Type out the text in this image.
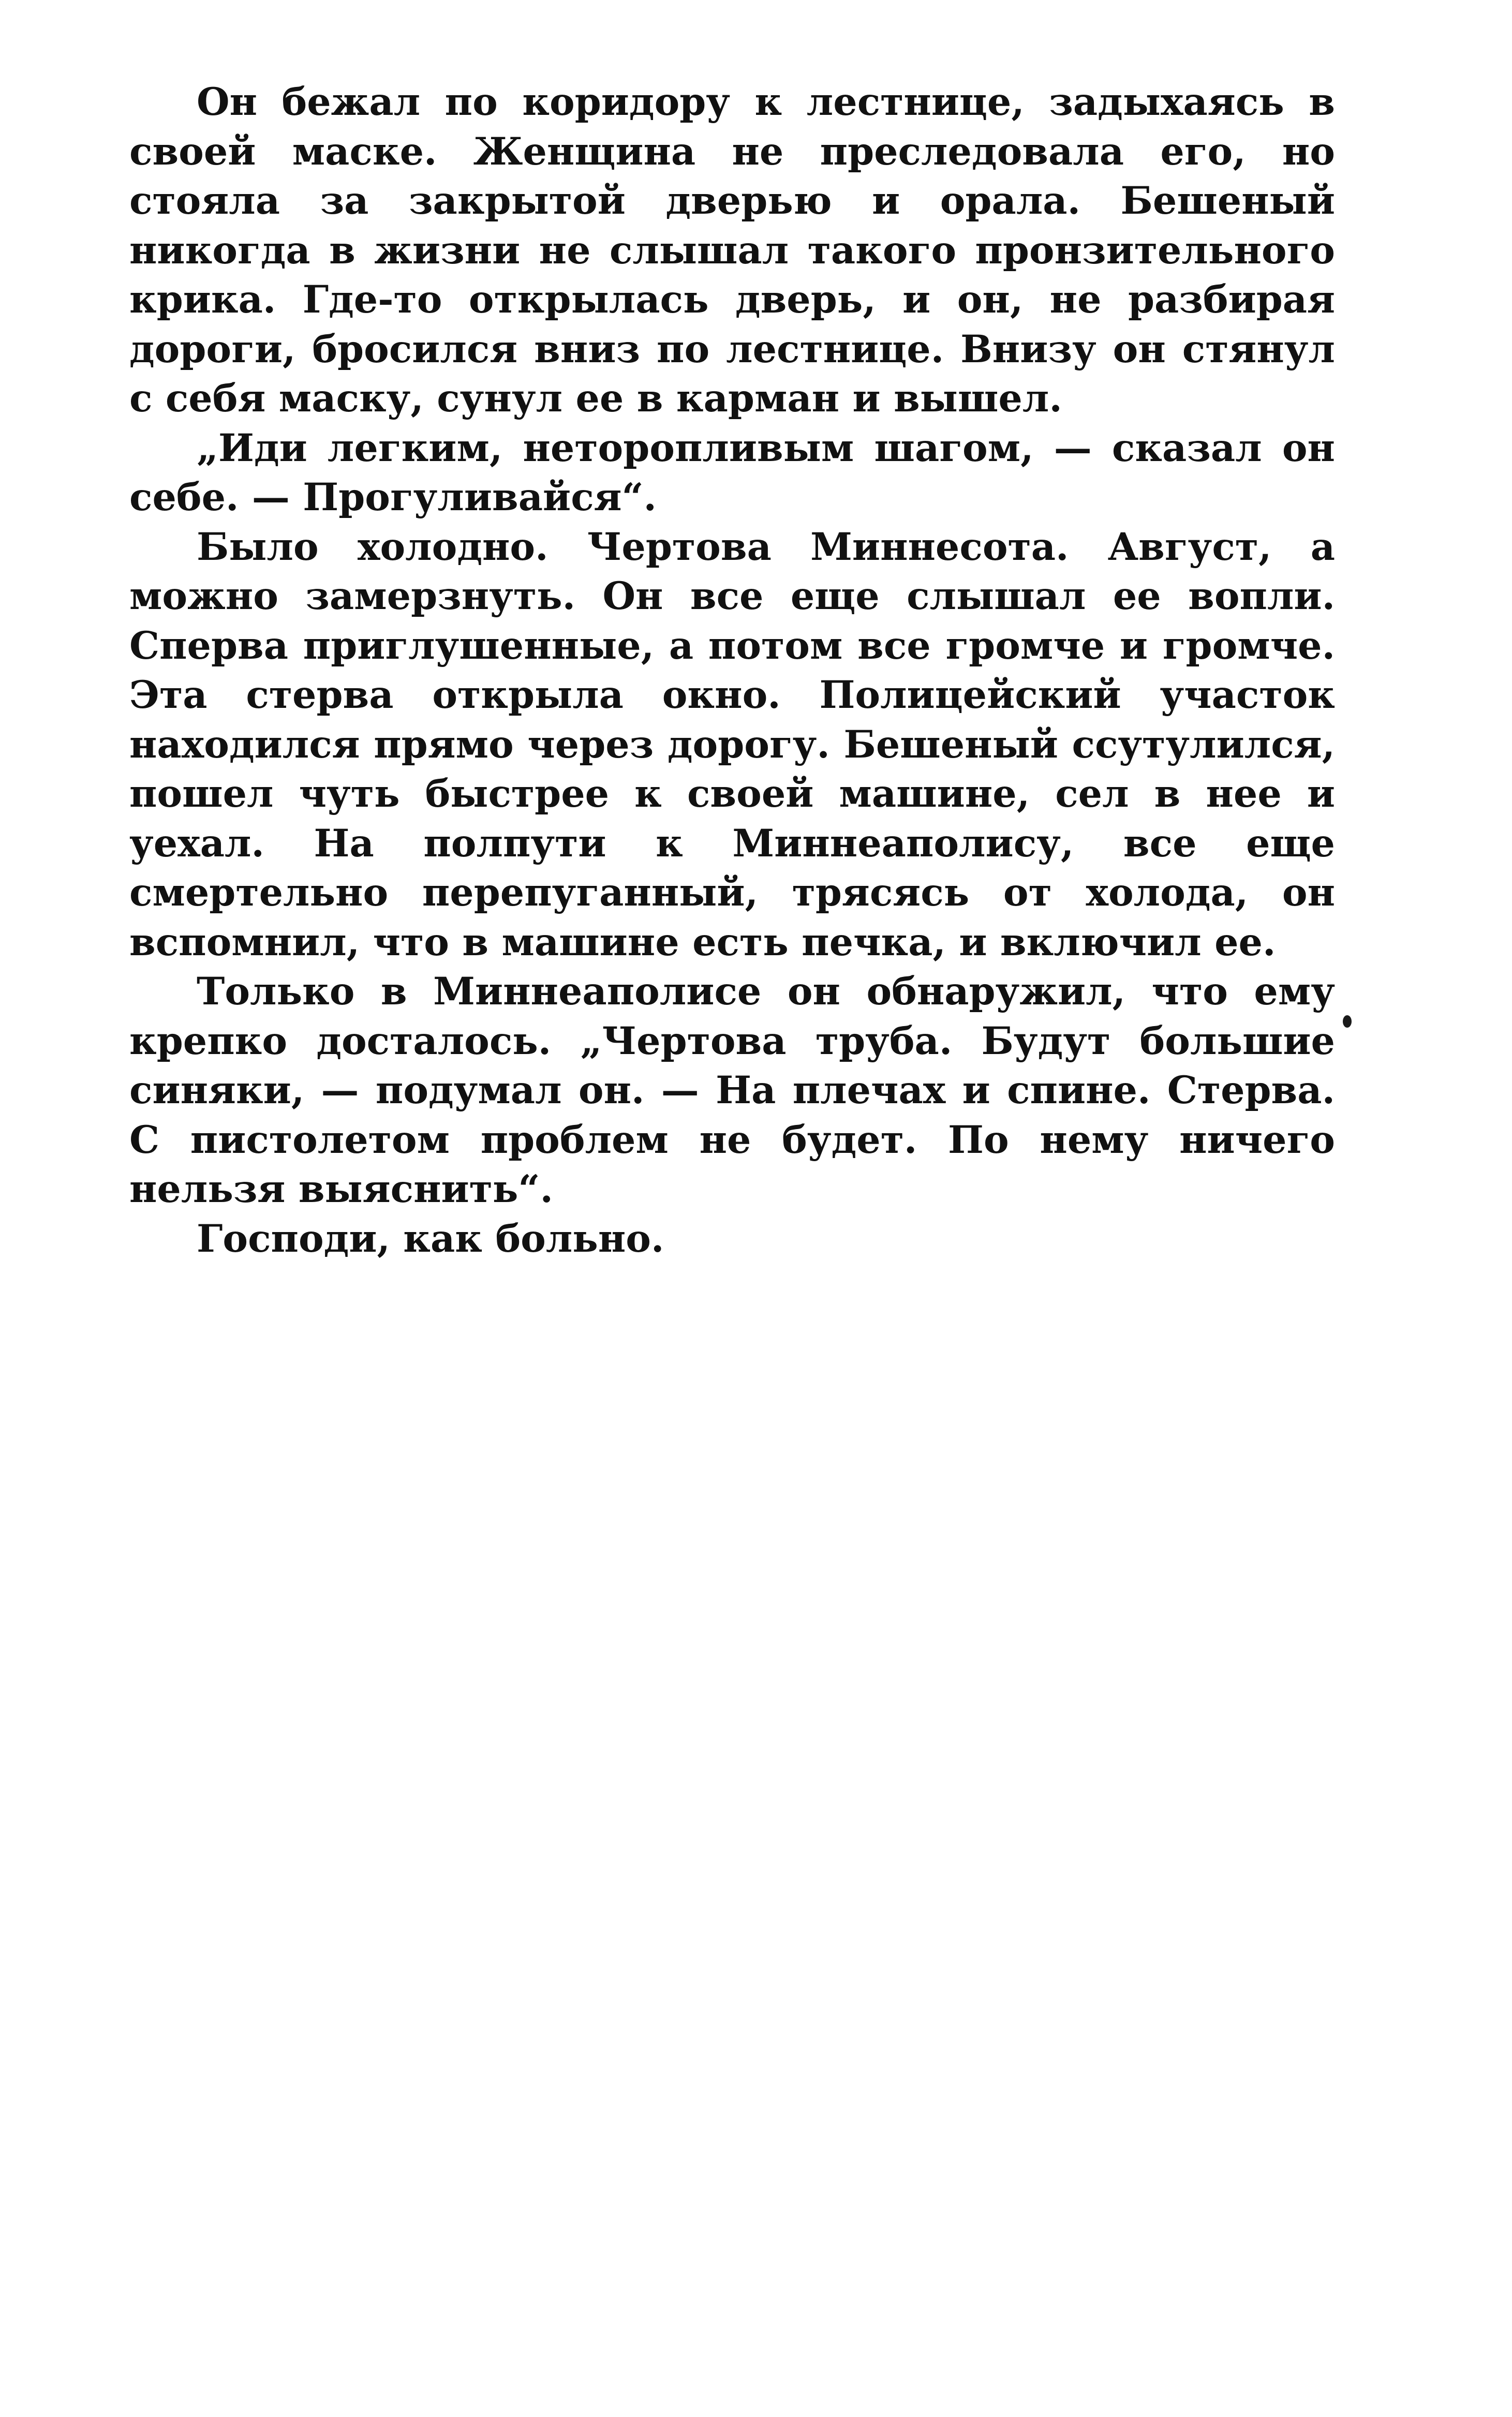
Он бежал по коридору к лестнице, задыхаясь в своей маске. Женщина не преследовала его, но стояла за закрытой дверью и орала. Бешеный никогда в жизни не слышал такого пронзительного крика. Где-то открылась дверь, и он, не разбирая дороги, бросился вниз по лестнице. Внизу он стянул с себя маску, сунул ее в карман и вышел.

„Иди легким, неторопливым шагом, — сказал он себе. — Прогуливайся“.

Было холодно. Чертова Миннесота. Август, а можно замерзнуть. Он все еще слышал ее вопли. Сперва приглушенные, а потом все громче и громче. Эта стерва открыла окно. Полицейский участок находился прямо через дорогу. Бешеный ссутулился, пошел чуть быстрее к своей машине, сел в нее и уехал. На полпути к Миннеаполису, все еще смертельно перепуганный, трясясь от холода, он вспомнил, что в машине есть печка, и включил ее.

Только в Миннеаполисе он обнаружил, что ему крепко досталось. „Чертова труба. Будут большие синяки, — подумал он. — На плечах и спине. Стерва. С пистолетом проблем не будет. По нему ничего нельзя выяснить“.

Господи, как больно.
